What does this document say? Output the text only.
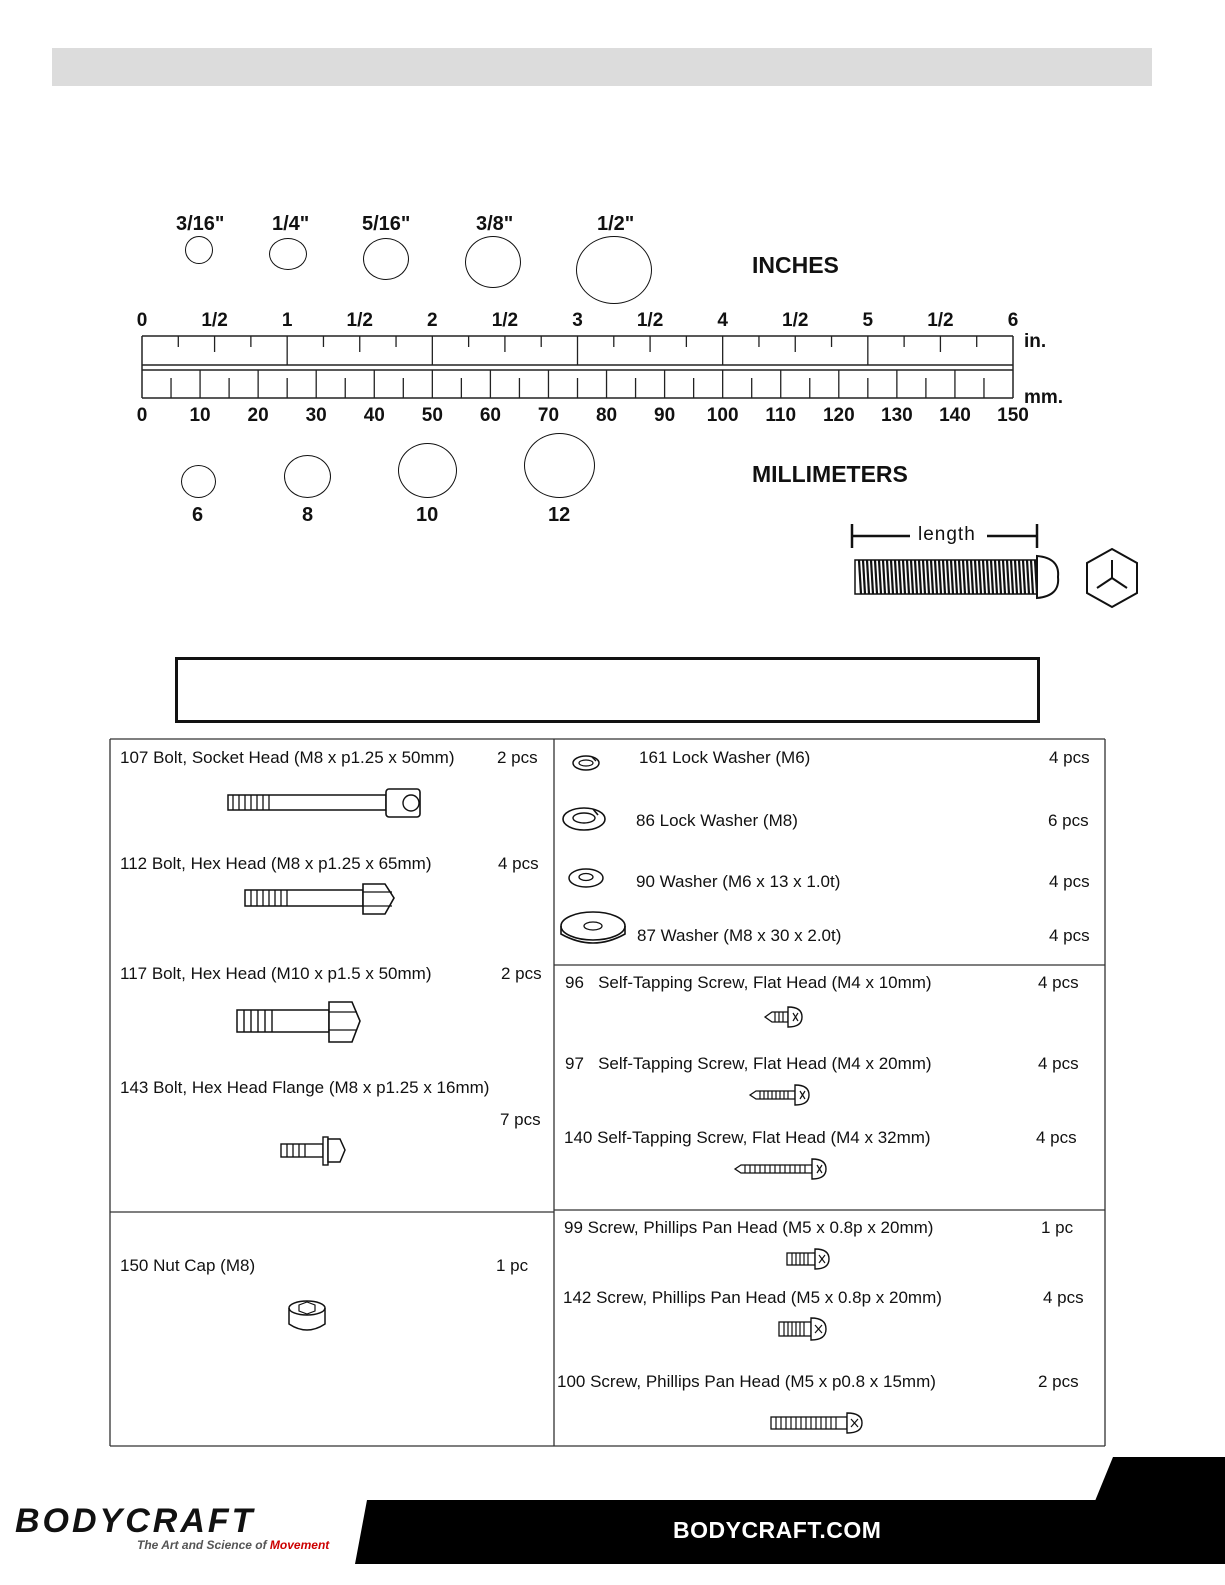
3/16" 1/4"	5/16"	3/8"	1/2"
INCHES
0	1/2	1	1/2	2	1/2	3	1/2	4	1/2	5	1/2	6
0 10 20 30 40 50 60 70 80 90 100 110 120 130 140 150
in.
mm.
6	8	10	12
MILLIMETERS
length
107 Bolt, Socket Head (M8 x p1.25 x 50mm)	2 pcs
112 Bolt, Hex Head (M8 x p1.25 x 65mm)	4 pcs
117 Bolt, Hex Head (M10 x p1.5 x 50mm)	2 pcs
143 Bolt, Hex Head Flange (M8 x p1.25 x 16mm)
7 pcs
150 Nut Cap (M8)	1 pc
161 Lock Washer (M6)	4 pcs
86 Lock Washer (M8)	6 pcs
90 Washer (M6 x 13 x 1.0t)	4 pcs
87 Washer (M8 x 30 x 2.0t)	4 pcs
96   Self-Tapping Screw, Flat Head (M4 x 10mm)	4 pcs
97   Self-Tapping Screw, Flat Head (M4 x 20mm)	4 pcs
140 Self-Tapping Screw, Flat Head (M4 x 32mm)	4 pcs
99 Screw, Phillips Pan Head (M5 x 0.8p x 20mm)	1 pc
142 Screw, Phillips Pan Head (M5 x 0.8p x 20mm)	4 pcs
100 Screw, Phillips Pan Head (M5 x p0.8 x 15mm)	2 pcs
BODYCRAFT
The Art and Science of Movement
BODYCRAFT.COM
